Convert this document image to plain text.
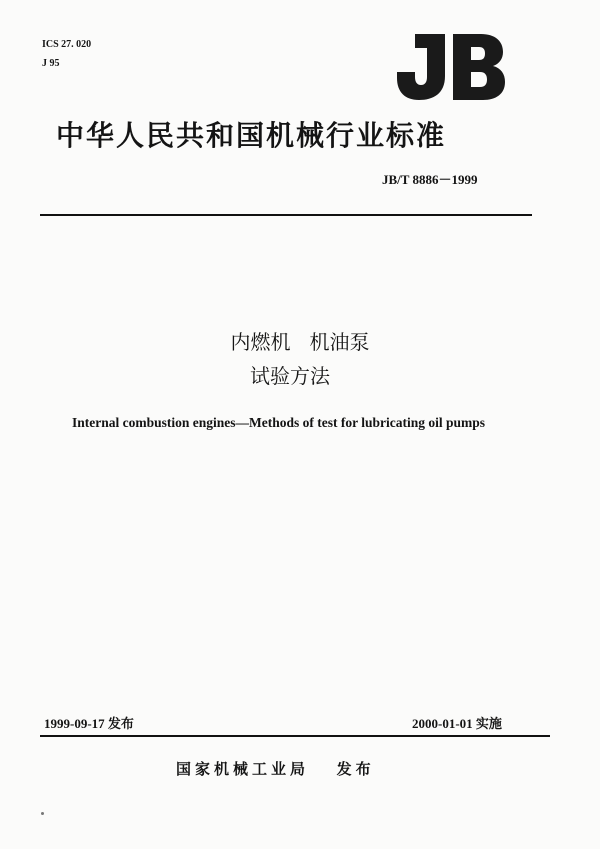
ICS 27. 020
J 95
中华人民共和国机械行业标准
JB/T 8886－1999
内燃机   机油泵
试验方法
Internal combustion engines—Methods of test for lubricating oil pumps
1999-09-17 发布	2000-01-01 实施
国家机械工业局   发布
